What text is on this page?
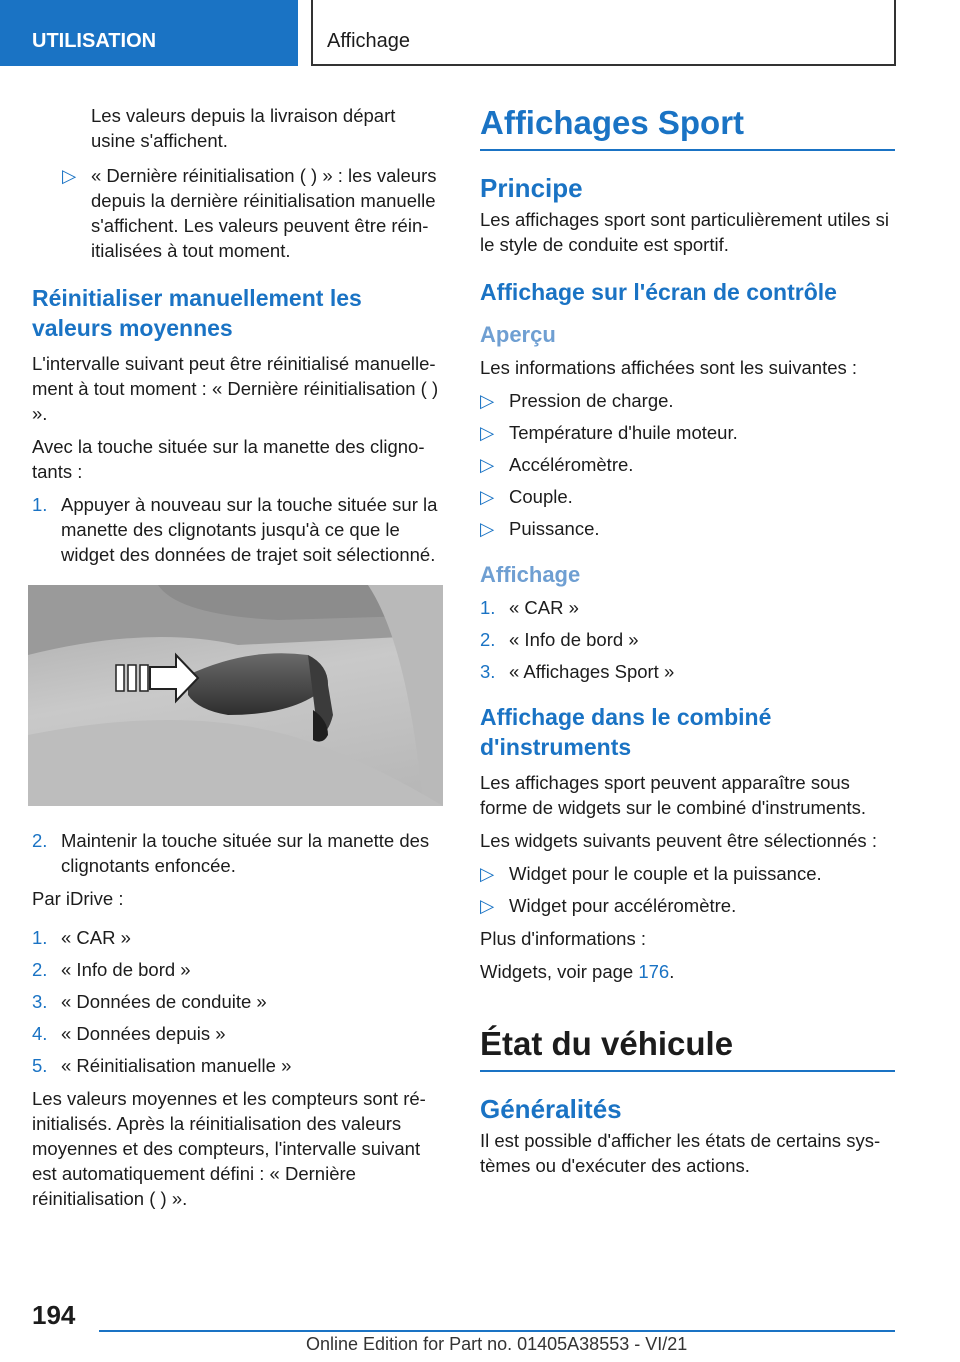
UTILISATION	Affichage

Les valeurs depuis la livraison départ usine s'affichent.

▷ « Dernière réinitialisation ( ) » : les valeurs depuis la dernière réinitialisation manuelle s'affichent. Les valeurs peuvent être réinitialisées à tout moment.
Réinitialiser manuellement les valeurs moyennes

L'intervalle suivant peut être réinitialisé manuellement à tout moment : « Dernière réinitialisation ( ) ».

Avec la touche située sur la manette des clignotants :

1. Appuyer à nouveau sur la touche située sur la manette des clignotants jusqu'à ce que le widget des données de trajet soit sélectionné.
2. Maintenir la touche située sur la manette des clignotants enfoncée.

Par iDrive :

1. « CAR »
2. « Info de bord »
3. « Données de conduite »
4. « Données depuis »
5. « Réinitialisation manuelle »

Les valeurs moyennes et les compteurs sont réinitialisés. Après la réinitialisation des valeurs moyennes et des compteurs, l'intervalle suivant est automatiquement défini : « Dernière réinitialisation ( ) ».

Affichages Sport
Principe

Les affichages sport sont particulièrement utiles si le style de conduite est sportif.

Affichage sur l'écran de contrôle
Aperçu

Les informations affichées sont les suivantes :

▷ Pression de charge.
▷ Température d'huile moteur.
▷ Accéléromètre.
▷ Couple.
▷ Puissance.
Affichage
1. « CAR »
2. « Info de bord »
3. « Affichages Sport »
Affichage dans le combiné d'instruments

Les affichages sport peuvent apparaître sous forme de widgets sur le combiné d'instruments.

Les widgets suivants peuvent être sélectionnés :

▷ Widget pour le couple et la puissance.
▷ Widget pour accéléromètre.

Plus d'informations :

Widgets, voir page 176.

État du véhicule
Généralités

Il est possible d'afficher les états de certains systèmes ou d'exécuter des actions.

194
Online Edition for Part no. 01405A38553 - VI/21
